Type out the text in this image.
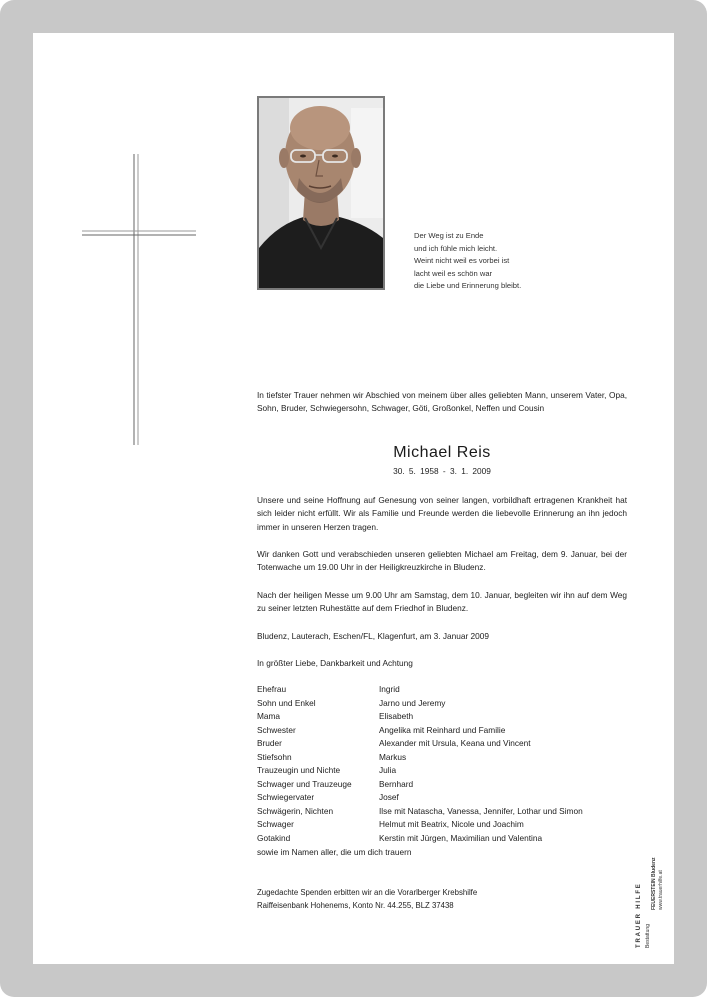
Der Weg ist zu Ende
und ich fühle mich leicht.
Weint nicht weil es vorbei ist
lacht weil es schön war
die Liebe und Erinnerung bleibt.
In tiefster Trauer nehmen wir Abschied von meinem über alles geliebten Mann, unserem Vater, Opa, Sohn, Bruder, Schwiegersohn, Schwager, Göti, Großonkel, Neffen und Cousin
Michael Reis
30. 5. 1958 - 3. 1. 2009
Unsere und seine Hoffnung auf Genesung von seiner langen, vorbildhaft ertragenen Krankheit hat sich leider nicht erfüllt. Wir als Familie und Freunde werden die liebevolle Erinnerung an ihn jedoch immer in unseren Herzen tragen.
Wir danken Gott und verabschieden unseren geliebten Michael am Freitag, dem 9. Januar, bei der Totenwache um 19.00 Uhr in der Heiligkreuzkirche in Bludenz.
Nach der heiligen Messe um 9.00 Uhr am Samstag, dem 10. Januar, begleiten wir ihn auf dem Weg zu seiner letzten Ruhestätte auf dem Friedhof in Bludenz.
Bludenz, Lauterach, Eschen/FL, Klagenfurt, am 3. Januar 2009
In größter Liebe, Dankbarkeit und Achtung
Ehefrau	Ingrid
Sohn und Enkel	Jarno und Jeremy
Mama	Elisabeth
Schwester	Angelika mit Reinhard und Familie
Bruder	Alexander mit Ursula, Keana und Vincent
Stiefsohn	Markus
Trauzeugin und Nichte	Julia
Schwager und Trauzeuge	Bernhard
Schwiegervater	Josef
Schwägerin, Nichten	Ilse mit Natascha, Vanessa, Jennifer, Lothar und Simon
Schwager	Helmut mit Beatrix, Nicole und Joachim
Gotakind	Kerstin mit Jürgen, Maximilian und Valentina
sowie im Namen aller, die um dich trauern
Zugedachte Spenden erbitten wir an die Vorarlberger Krebshilfe
Raiffeisenbank Hohenems, Konto Nr. 44.255, BLZ 37438	TRAUER HILFE Bestattung
FEUERSTEIN Bludenz www.trauerhilfe.at
